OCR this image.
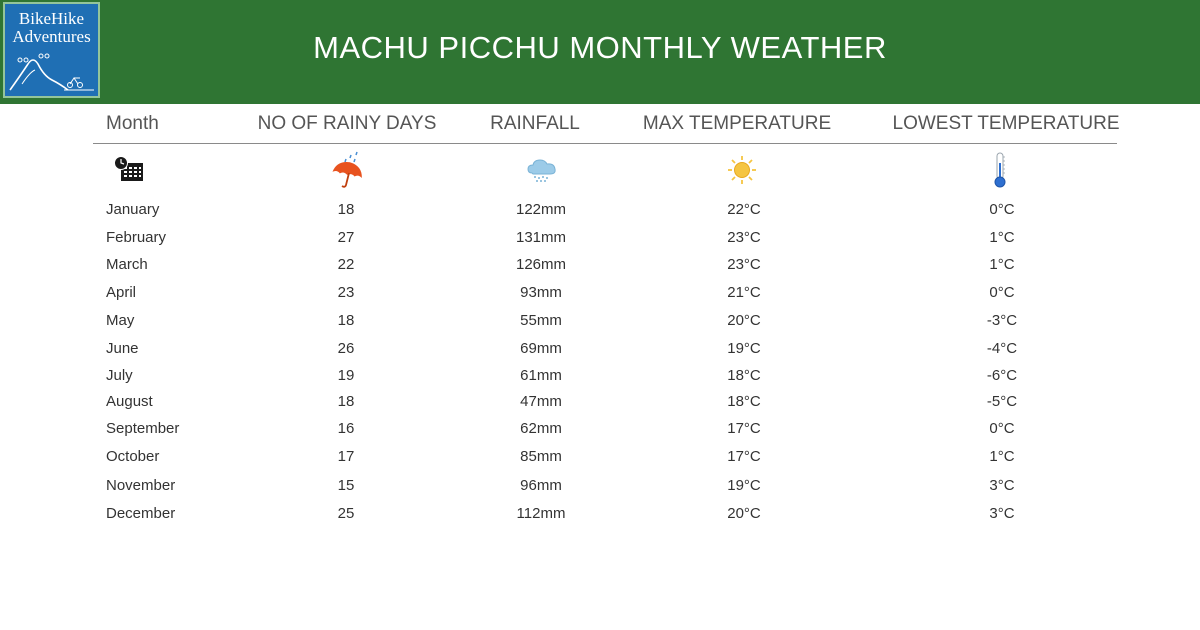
BikeHike
Adventures	MACHU PICCHU MONTHLY WEATHER
Month	NO OF RAINY DAYS	RAINFALL	MAX TEMPERATURE	LOWEST TEMPERATURE
January	18	122mm	22°C	0°C
February	27	131mm	23°C	1°C
March	22	126mm	23°C	1°C
April	23	93mm	21°C	0°C
May	18	55mm	20°C	-3°C
June	26	69mm	19°C	-4°C
July	19	61mm	18°C	-6°C
August	18	47mm	18°C	-5°C
September	16	62mm	17°C	0°C
October	17	85mm	17°C	1°C
November	15	96mm	19°C	3°C
December	25	112mm	20°C	3°C
